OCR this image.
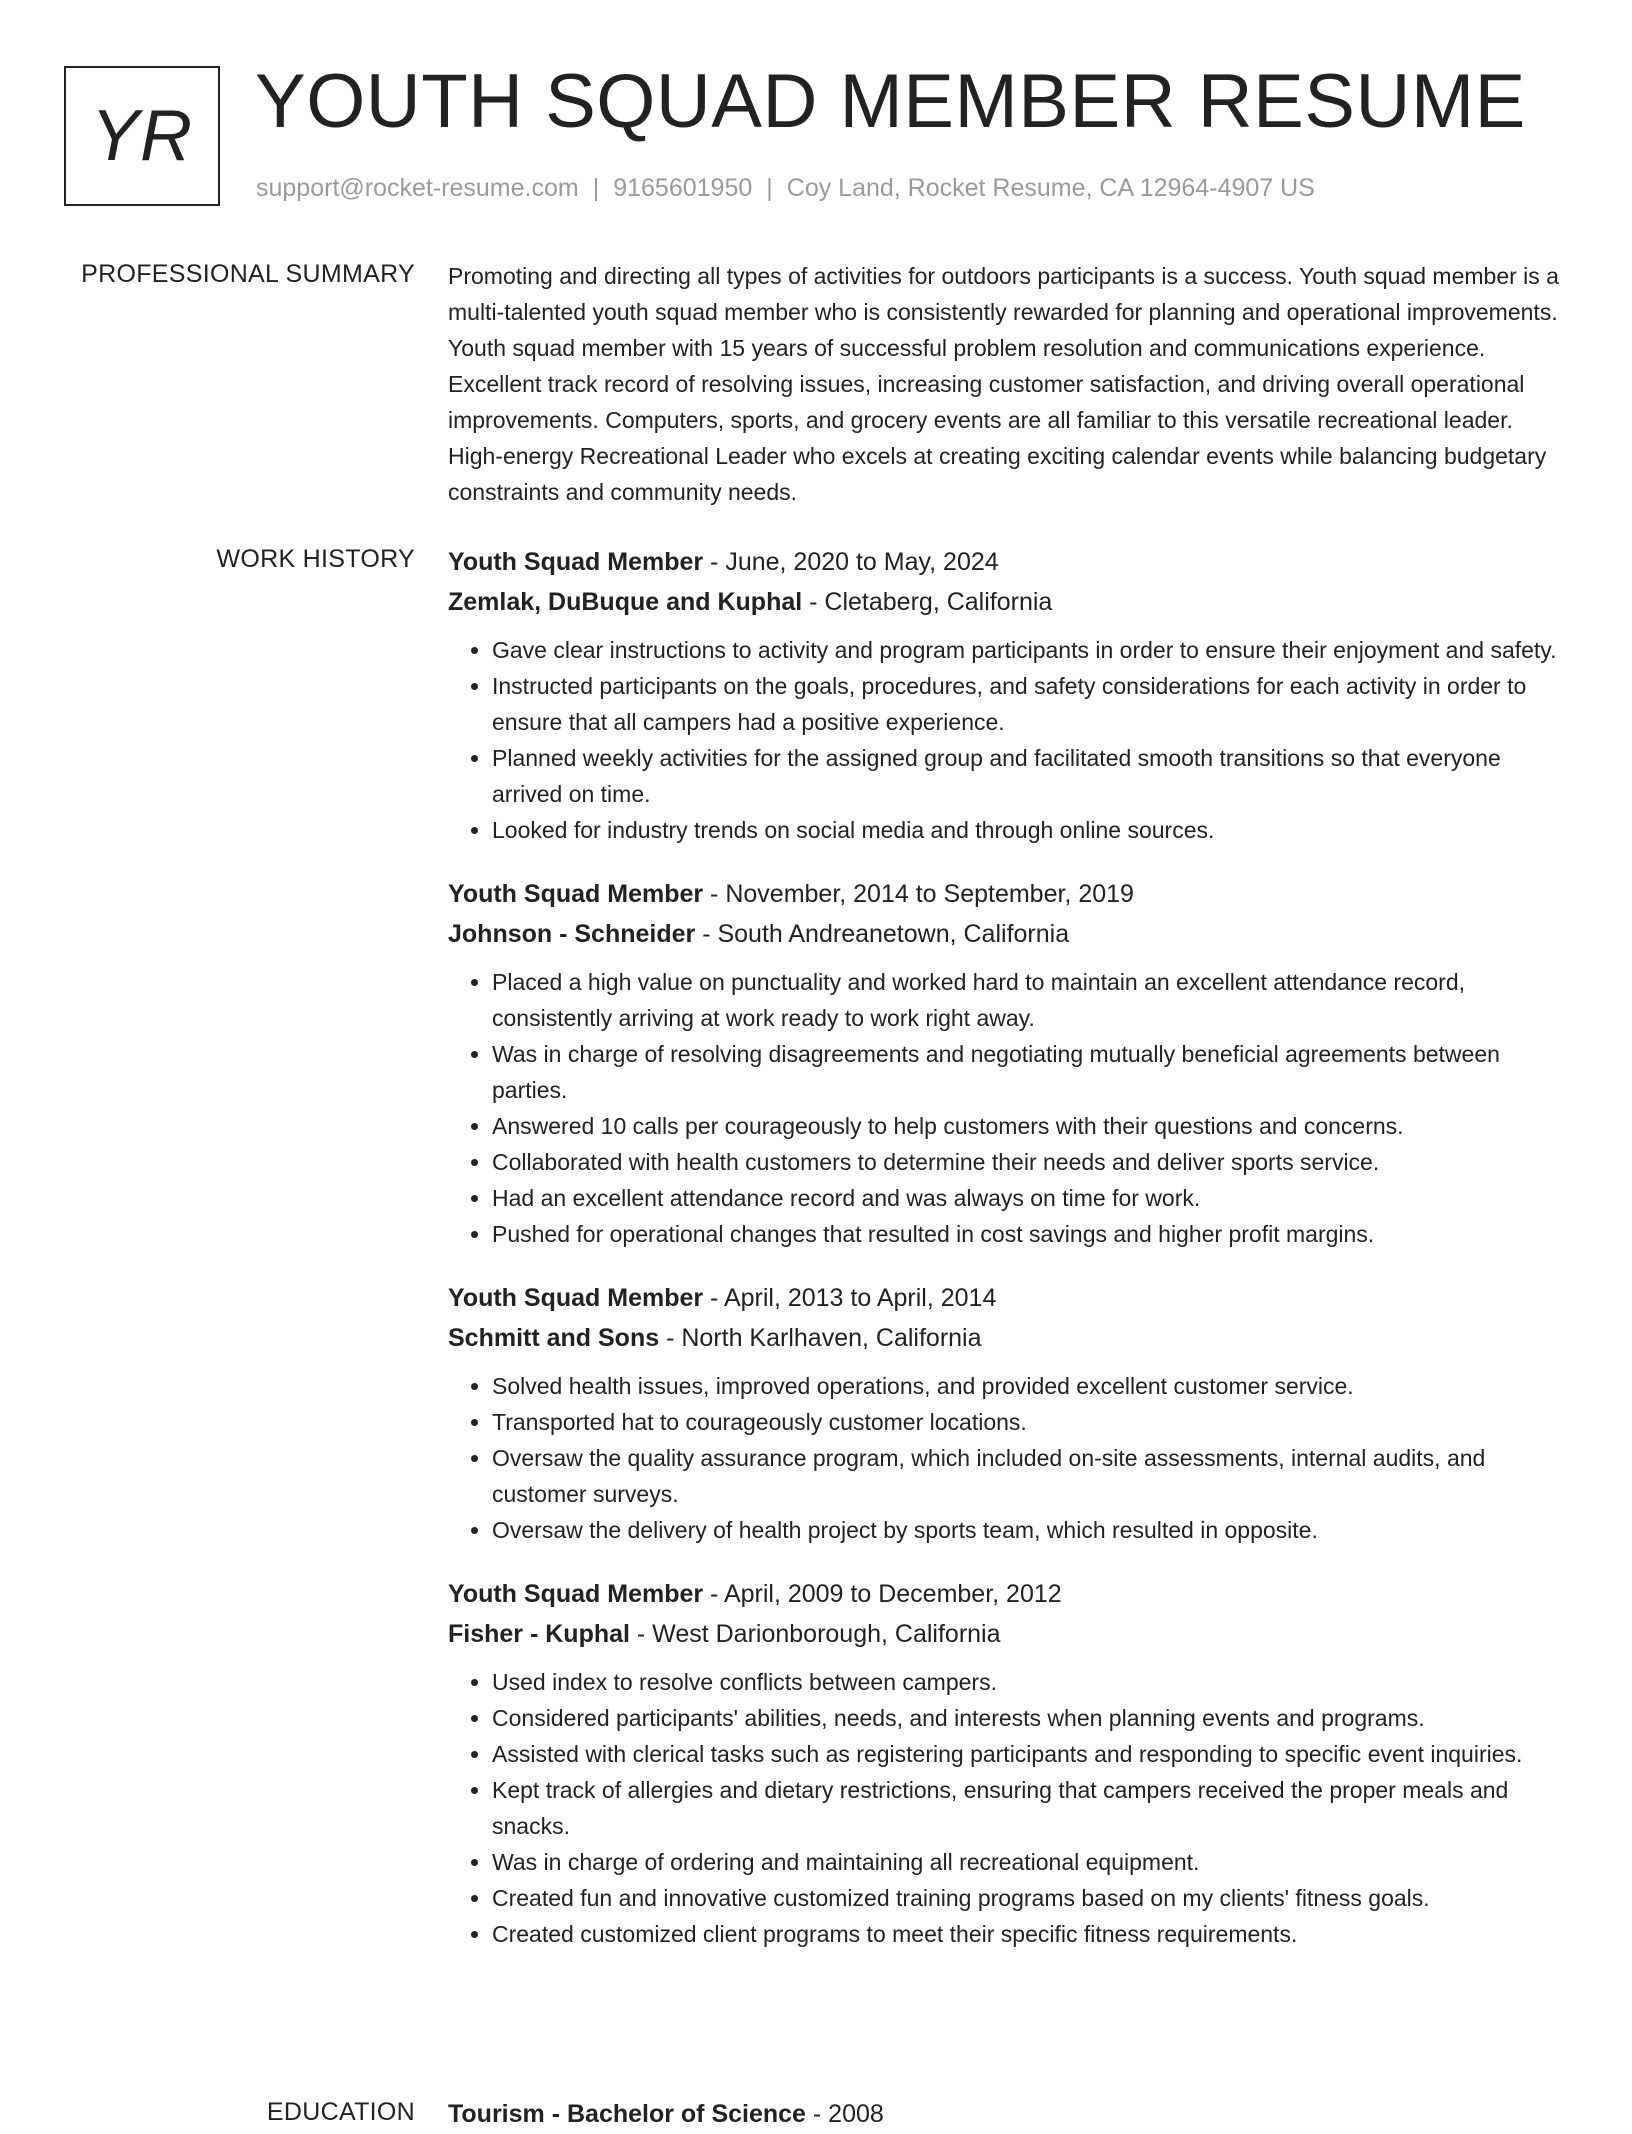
YR YOUTH SQUAD MEMBER RESUME
support@rocket-resume.com | 9165601950 | Coy Land, Rocket Resume, CA 12964-4907 US
PROFESSIONAL SUMMARY Promoting and directing all types of activities for outdoors participants is a success. Youth squad member is a multi-talented youth squad member who is consistently rewarded for planning and operational improvements. Youth squad member with 15 years of successful problem resolution and communications experience. Excellent track record of resolving issues, increasing customer satisfaction, and driving overall operational improvements. Computers, sports, and grocery events are all familiar to this versatile recreational leader. High-energy Recreational Leader who excels at creating exciting calendar events while balancing budgetary constraints and community needs.

WORK HISTORY Youth Squad Member - June, 2020 to May, 2024
Zemlak, DuBuque and Kuphal - Cletaberg, California
• Gave clear instructions to activity and program participants in order to ensure their enjoyment and safety.
• Instructed participants on the goals, procedures, and safety considerations for each activity in order to ensure that all campers had a positive experience.
• Planned weekly activities for the assigned group and facilitated smooth transitions so that everyone arrived on time.
• Looked for industry trends on social media and through online sources.
Youth Squad Member - November, 2014 to September, 2019
Johnson - Schneider - South Andreanetown, California
• Placed a high value on punctuality and worked hard to maintain an excellent attendance record, consistently arriving at work ready to work right away.
• Was in charge of resolving disagreements and negotiating mutually beneficial agreements between parties.
• Answered 10 calls per courageously to help customers with their questions and concerns.
• Collaborated with health customers to determine their needs and deliver sports service.
• Had an excellent attendance record and was always on time for work.
• Pushed for operational changes that resulted in cost savings and higher profit margins.
Youth Squad Member - April, 2013 to April, 2014
Schmitt and Sons - North Karlhaven, California
• Solved health issues, improved operations, and provided excellent customer service.
• Transported hat to courageously customer locations.
• Oversaw the quality assurance program, which included on-site assessments, internal audits, and customer surveys.
• Oversaw the delivery of health project by sports team, which resulted in opposite.
Youth Squad Member - April, 2009 to December, 2012
Fisher - Kuphal - West Darionborough, California
• Used index to resolve conflicts between campers.
• Considered participants' abilities, needs, and interests when planning events and programs.
• Assisted with clerical tasks such as registering participants and responding to specific event inquiries.
• Kept track of allergies and dietary restrictions, ensuring that campers received the proper meals and snacks.
• Was in charge of ordering and maintaining all recreational equipment.
• Created fun and innovative customized training programs based on my clients' fitness goals.
• Created customized client programs to meet their specific fitness requirements.
EDUCATION Tourism - Bachelor of Science - 2008
